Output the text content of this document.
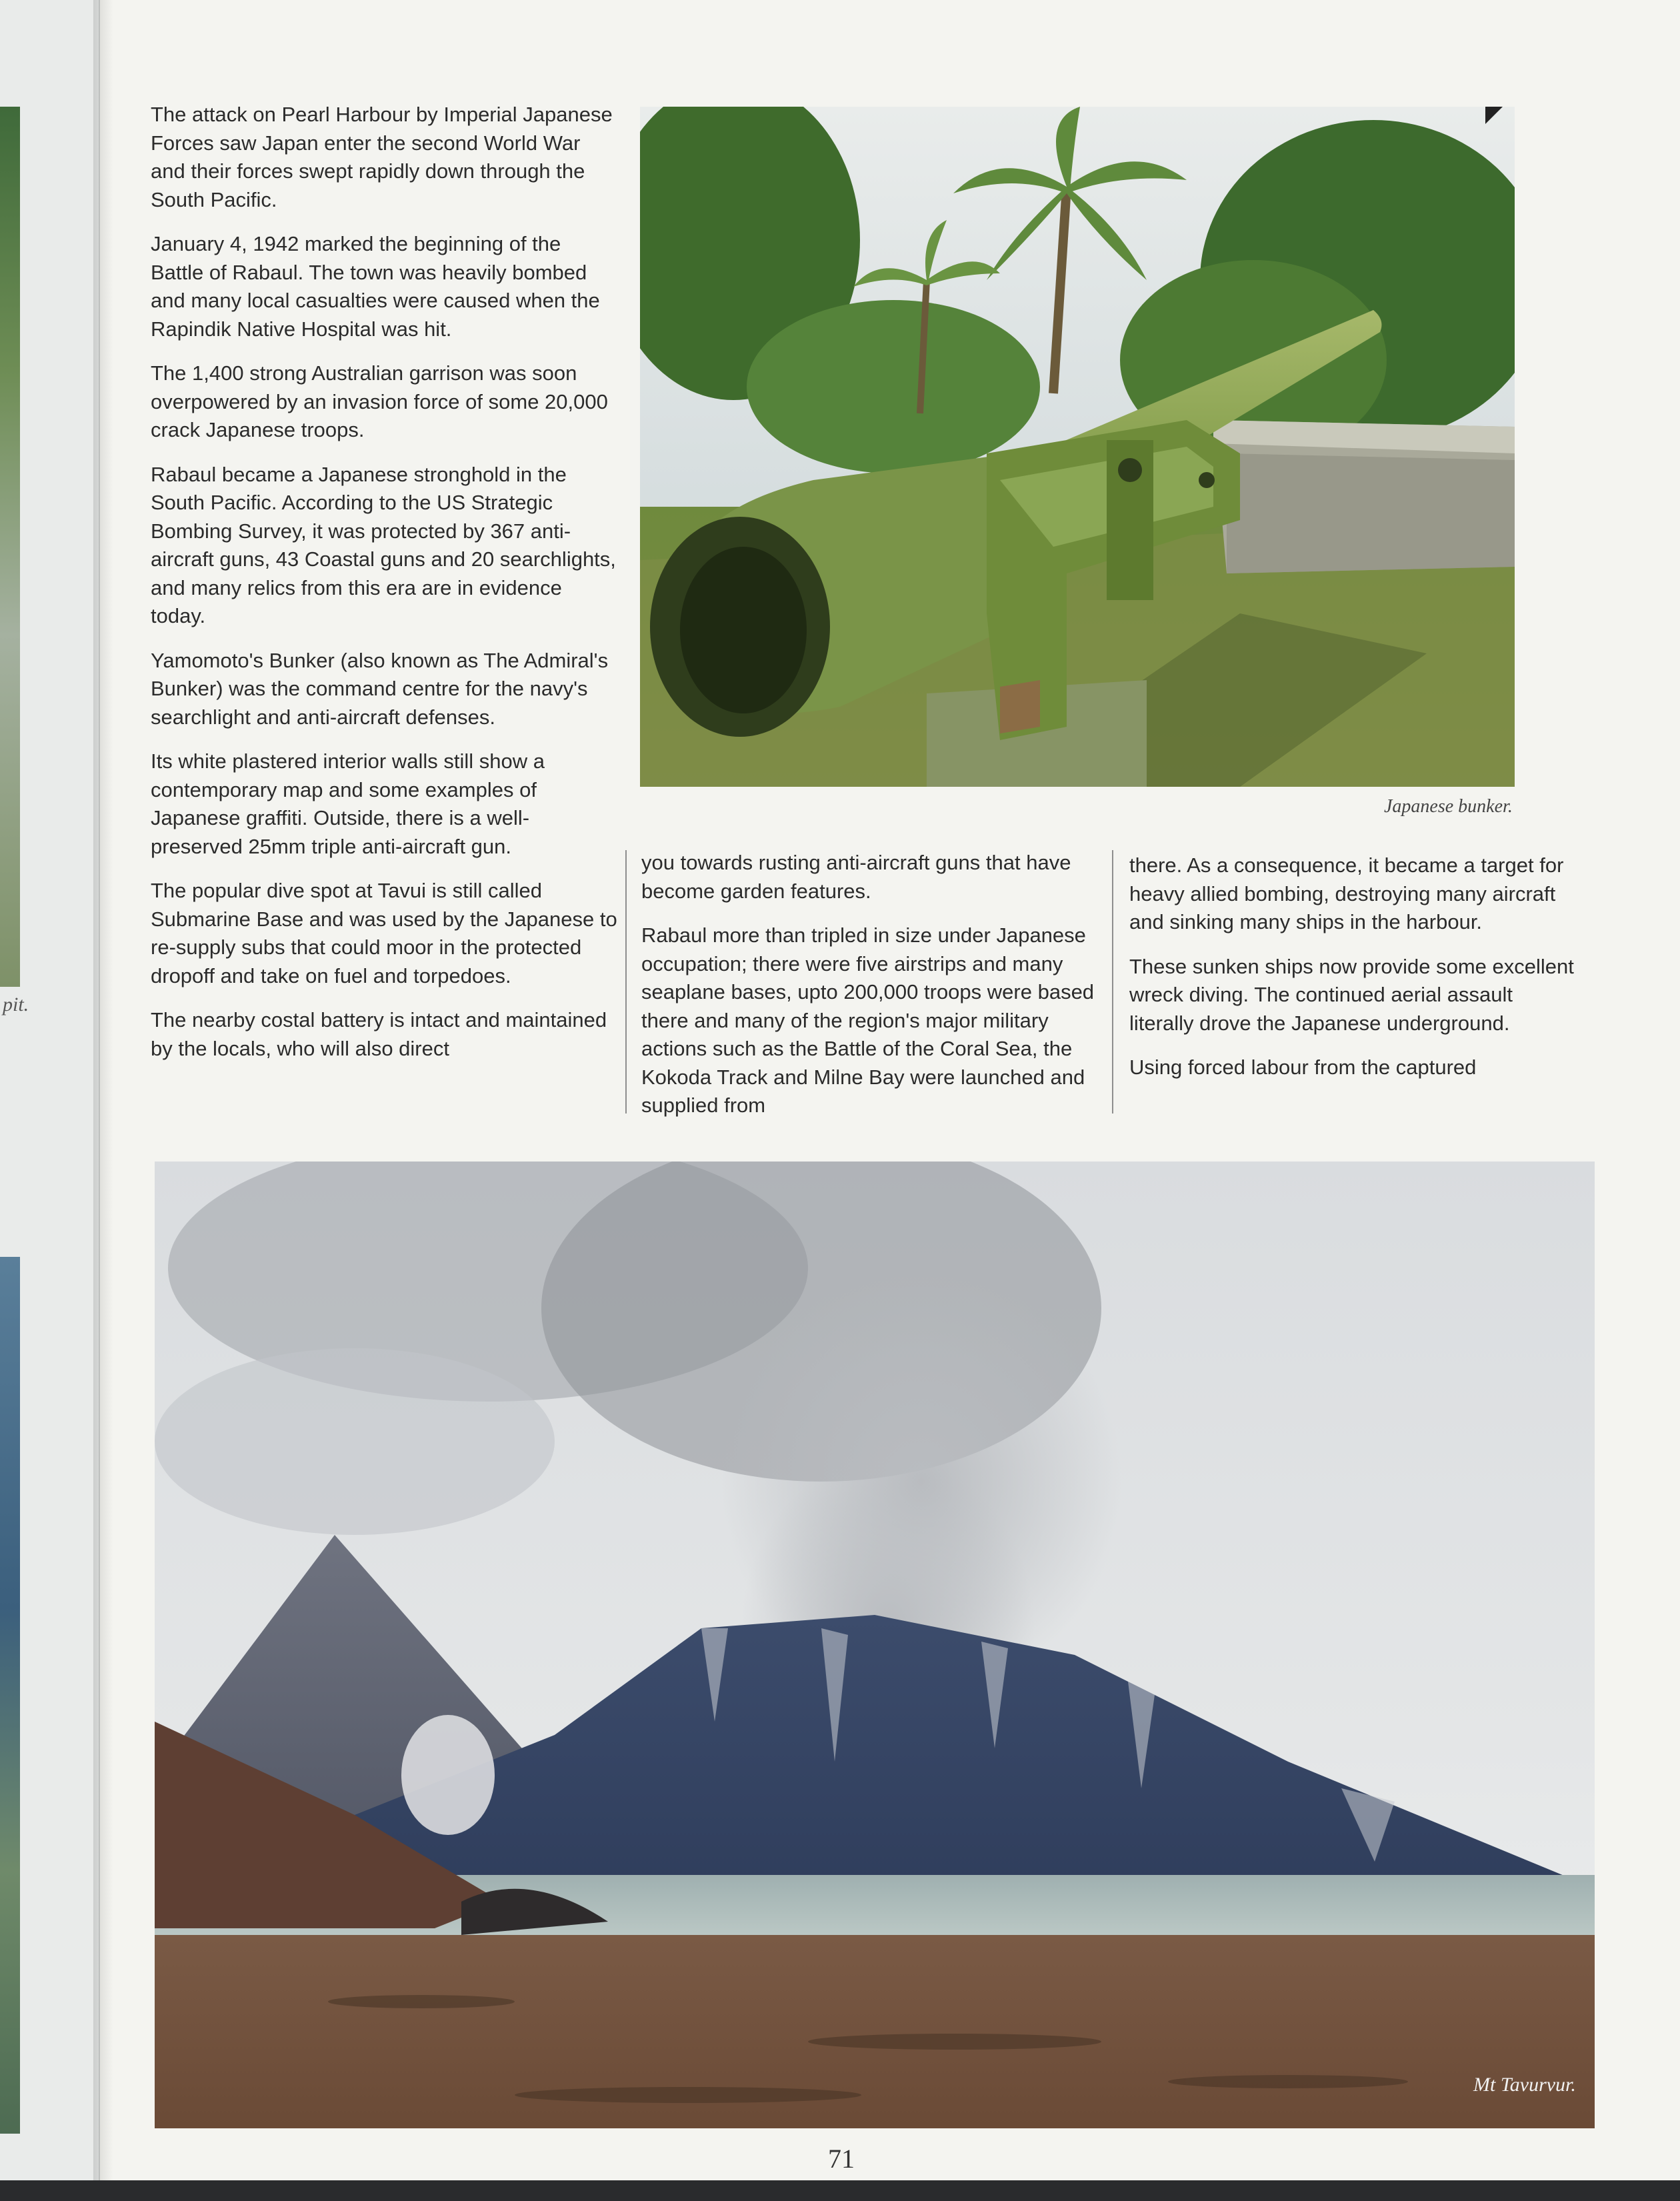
pit.

The attack on Pearl Harbour by Imperial Japanese Forces saw Japan enter the second World War and their forces swept rapidly down through the South Pacific.

January 4, 1942 marked the beginning of the Battle of Rabaul. The town was heavily bombed and many local casualties were caused when the Rapindik Native Hospital was hit.

The 1,400 strong Australian garrison was soon overpowered by an invasion force of some 20,000 crack Japanese troops.

Rabaul became a Japanese stronghold in the South Pacific. According to the US Strategic Bombing Survey, it was protected by 367 anti-aircraft guns, 43 Coastal guns and 20 searchlights, and many relics from this era are in evidence today.

Yamomoto's Bunker (also known as The Admiral's Bunker) was the command centre for the navy's searchlight and anti-aircraft defenses.

Its white plastered interior walls still show a contemporary map and some examples of Japanese graffiti. Outside, there is a well-preserved 25mm triple anti-aircraft gun.

The popular dive spot at Tavui is still called Submarine Base and was used by the Japanese to re-supply subs that could moor in the protected dropoff and take on fuel and torpedoes.

The nearby costal battery is intact and maintained by the locals, who will also direct

Japanese bunker.

you towards rusting anti-aircraft guns that have become garden features.

Rabaul more than tripled in size under Japanese occupation; there were five airstrips and many seaplane bases, upto 200,000 troops were based there and many of the region's major military actions such as the Battle of the Coral Sea, the Kokoda Track and Milne Bay were launched and supplied from

there. As a consequence, it became a target for heavy allied bombing, destroying many aircraft and sinking many ships in the harbour.

These sunken ships now provide some excellent wreck diving. The continued aerial assault literally drove the Japanese underground.

Using forced labour from the captured

Mt Tavurvur.
71
